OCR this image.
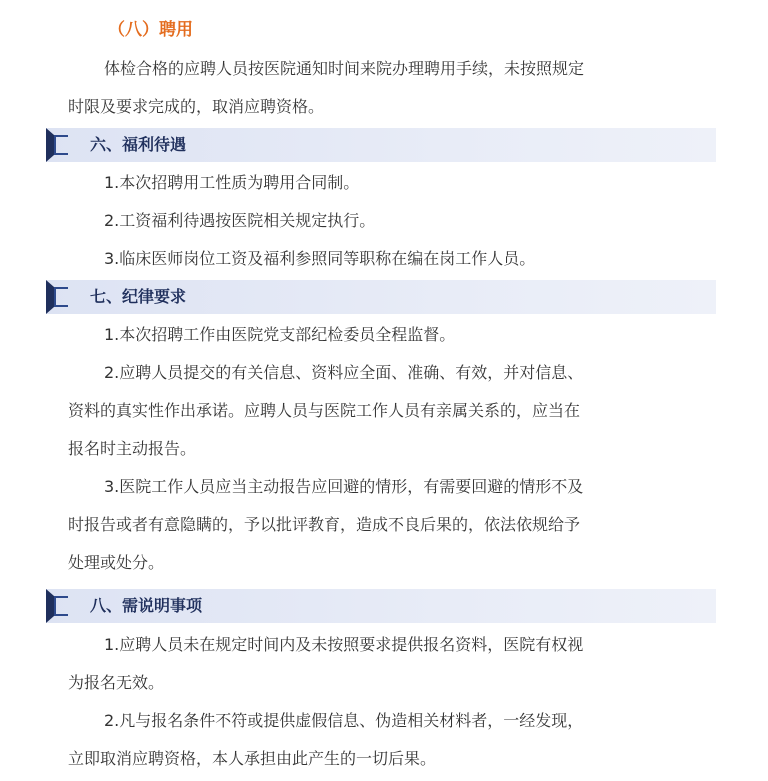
（八）聘用
体检合格的应聘人员按医院通知时间来院办理聘用手续，未按照规定
时限及要求完成的，取消应聘资格。
六、福利待遇
1.本次招聘用工性质为聘用合同制。
2.工资福利待遇按医院相关规定执行。
3.临床医师岗位工资及福利参照同等职称在编在岗工作人员。
七、纪律要求
1.本次招聘工作由医院党支部纪检委员全程监督。
2.应聘人员提交的有关信息、资料应全面、准确、有效，并对信息、
资料的真实性作出承诺。应聘人员与医院工作人员有亲属关系的，应当在
报名时主动报告。
3.医院工作人员应当主动报告应回避的情形，有需要回避的情形不及
时报告或者有意隐瞒的，予以批评教育，造成不良后果的，依法依规给予
处理或处分。
八、需说明事项
1.应聘人员未在规定时间内及未按照要求提供报名资料，医院有权视
为报名无效。
2.凡与报名条件不符或提供虚假信息、伪造相关材料者，一经发现，
立即取消应聘资格，本人承担由此产生的一切后果。
